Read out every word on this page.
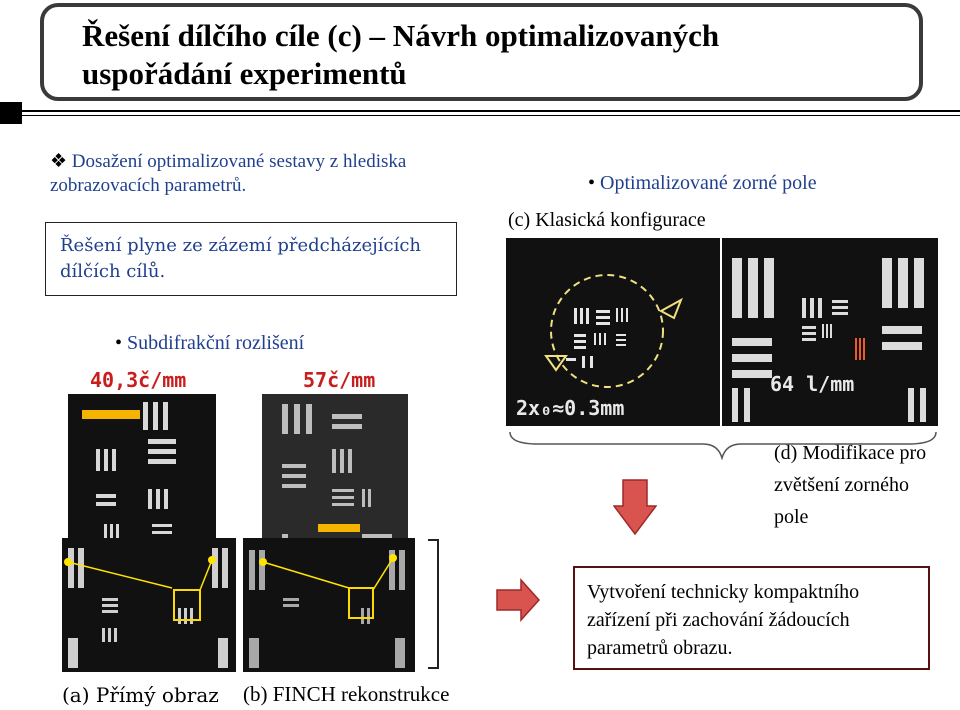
Řešení dílčího cíle (c) – Návrh optimalizovaných
uspořádání experimentů
❖ Dosažení optimalizované sestavy z hlediska
zobrazovacích parametrů.
Řešení plyne ze zázemí předcházejících
dílčích cílů.
• Optimalizované zorné pole
(c) Klasická konfigurace
2x₀≈0.3mm
64 l/mm
(d) Modifikace pro
zvětšení zorného
pole
• Subdifrakční rozlišení
40,3č/mm	57č/mm
Vytvoření technicky kompaktního
zařízení při zachování žádoucích
parametrů obrazu.
(a) Přímý obraz (b) FINCH rekonstrukce
